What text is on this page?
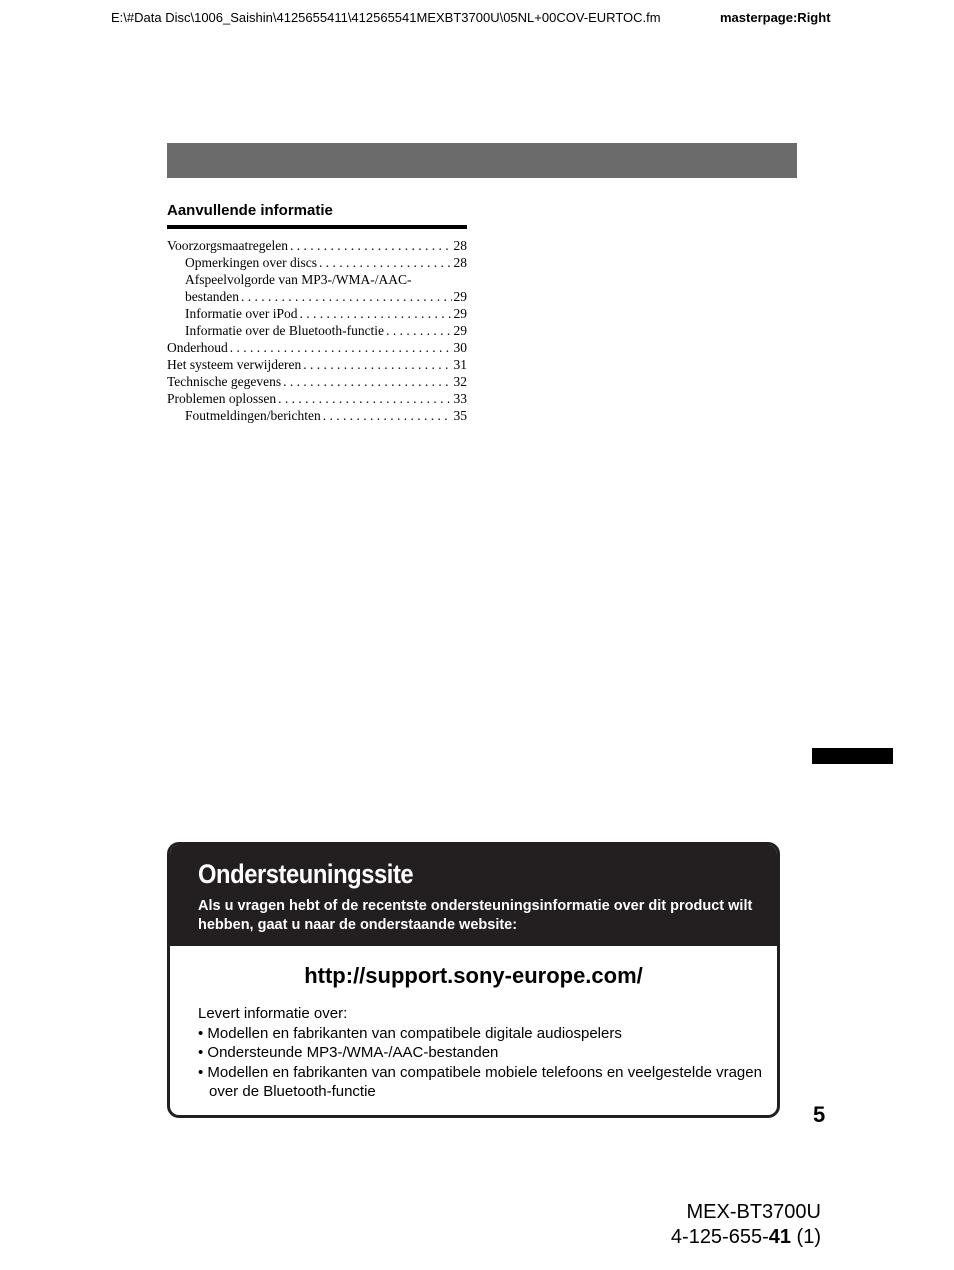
E:\#Data Disc\1006_Saishin\4125655411\412565541MEXBT3700U\05NL+00COV-EURTOC.fm	masterpage:Right
Aanvullende informatie
Voorzorgsmaatregelen . . .	28
Opmerkingen over discs . . .	28
Afspeelvolgorde van MP3-/WMA-/AAC-
bestanden . . .	29
Informatie over iPod . . .	29
Informatie over de Bluetooth-functie . . .	29
Onderhoud . . .	30
Het systeem verwijderen . . .	31
Technische gegevens . . .	32
Problemen oplossen . . .	33
Foutmeldingen/berichten . . .	35
Ondersteuningssite

Als u vragen hebt of de recentste ondersteuningsinformatie over dit product wilt hebben, gaat u naar de onderstaande website:

http://support.sony-europe.com/

Levert informatie over:

• Modellen en fabrikanten van compatibele digitale audiospelers
• Ondersteunde MP3-/WMA-/AAC-bestanden
• Modellen en fabrikanten van compatibele mobiele telefoons en veelgestelde vragen over de Bluetooth-functie
5
MEX-BT3700U
4-125-655-41 (1)
